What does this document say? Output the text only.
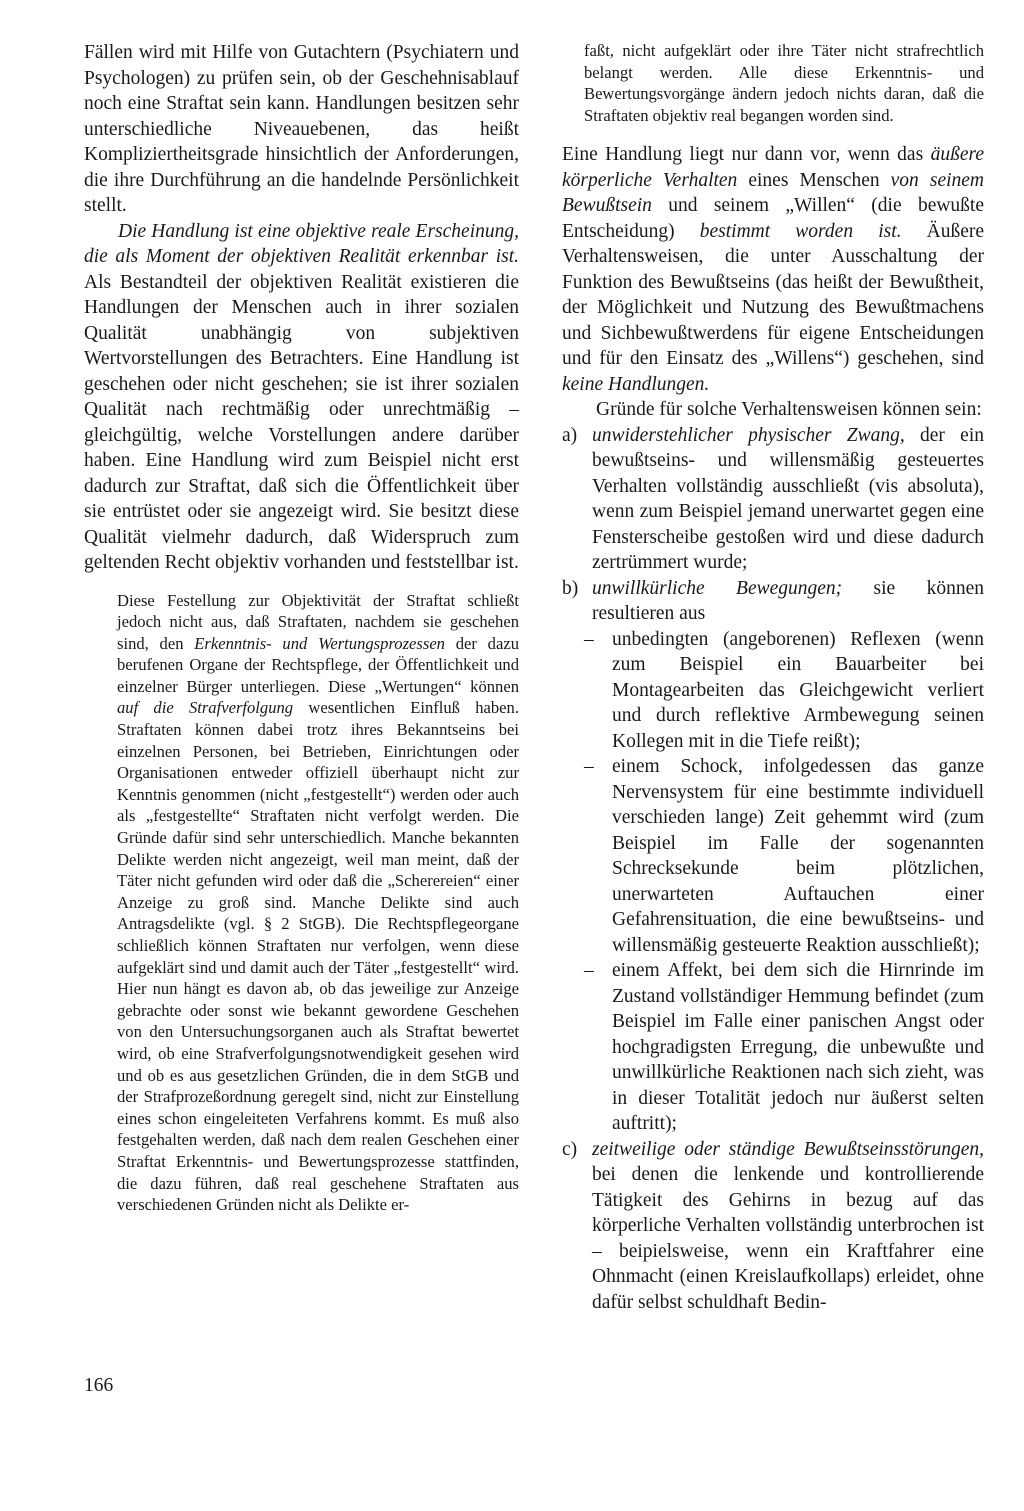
Fällen wird mit Hilfe von Gutachtern (Psychiatern und Psychologen) zu prüfen sein, ob der Geschehnisablauf noch eine Straftat sein kann. Handlungen besitzen sehr unterschiedliche Niveauebenen, das heißt Kompliziertheitsgrade hinsichtlich der Anforderungen, die ihre Durchführung an die handelnde Persönlichkeit stellt.

Die Handlung ist eine objektive reale Erscheinung, die als Moment der objektiven Realität erkennbar ist. Als Bestandteil der objektiven Realität existieren die Handlungen der Menschen auch in ihrer sozialen Qualität unabhängig von subjektiven Wertvorstellungen des Betrachters. Eine Handlung ist geschehen oder nicht geschehen; sie ist ihrer sozialen Qualität nach rechtmäßig oder unrechtmäßig – gleichgültig, welche Vorstellungen andere darüber haben. Eine Handlung wird zum Beispiel nicht erst dadurch zur Straftat, daß sich die Öffentlichkeit über sie entrüstet oder sie angezeigt wird. Sie besitzt diese Qualität vielmehr dadurch, daß Widerspruch zum geltenden Recht objektiv vorhanden und feststellbar ist.

Diese Festellung zur Objektivität der Straftat schließt jedoch nicht aus, daß Straftaten, nachdem sie geschehen sind, den Erkenntnis- und Wertungsprozessen der dazu berufenen Organe der Rechtspflege, der Öffentlichkeit und einzelner Bürger unterliegen. Diese „Wertungen“ können auf die Strafverfolgung wesentlichen Einfluß haben. Straftaten können dabei trotz ihres Bekanntseins bei einzelnen Personen, bei Betrieben, Einrichtungen oder Organisationen entweder offiziell überhaupt nicht zur Kenntnis genommen (nicht „festgestellt“) werden oder auch als „festgestellte“ Straftaten nicht verfolgt werden. Die Gründe dafür sind sehr unterschiedlich. Manche bekannten Delikte werden nicht angezeigt, weil man meint, daß der Täter nicht gefunden wird oder daß die „Scherereien“ einer Anzeige zu groß sind. Manche Delikte sind auch Antragsdelikte (vgl. § 2 StGB). Die Rechtspflegeorgane schließlich können Straftaten nur verfolgen, wenn diese aufgeklärt sind und damit auch der Täter „festgestellt“ wird. Hier nun hängt es davon ab, ob das jeweilige zur Anzeige gebrachte oder sonst wie bekannt gewordene Geschehen von den Untersuchungsorganen auch als Straftat bewertet wird, ob eine Strafverfolgungsnotwendigkeit gesehen wird und ob es aus gesetzlichen Gründen, die in dem StGB und der Strafprozeßordnung geregelt sind, nicht zur Einstellung eines schon eingeleiteten Verfahrens kommt. Es muß also festgehalten werden, daß nach dem realen Geschehen einer Straftat Erkenntnis- und Bewertungsprozesse stattfinden, die dazu führen, daß real geschehene Straftaten aus verschiedenen Gründen nicht als Delikte er-

faßt, nicht aufgeklärt oder ihre Täter nicht strafrechtlich belangt werden. Alle diese Erkenntnis- und Bewertungsvorgänge ändern jedoch nichts daran, daß die Straftaten objektiv real begangen worden sind.

Eine Handlung liegt nur dann vor, wenn das äußere körperliche Verhalten eines Menschen von seinem Bewußtsein und seinem „Willen“ (die bewußte Entscheidung) bestimmt worden ist. Äußere Verhaltensweisen, die unter Ausschaltung der Funktion des Bewußtseins (das heißt der Bewußtheit, der Möglichkeit und Nutzung des Bewußtmachens und Sichbewußtwerdens für eigene Entscheidungen und für den Einsatz des „Willens“) geschehen, sind keine Handlungen.

Gründe für solche Verhaltensweisen können sein:

a) unwiderstehlicher physischer Zwang, der ein bewußtseins- und willensmäßig gesteuertes Verhalten vollständig ausschließt (vis absoluta), wenn zum Beispiel jemand unerwartet gegen eine Fensterscheibe gestoßen wird und diese dadurch zertrümmert wurde;

b) unwillkürliche Bewegungen; sie können resultieren aus

– unbedingten (angeborenen) Reflexen (wenn zum Beispiel ein Bauarbeiter bei Montagearbeiten das Gleichgewicht verliert und durch reflektive Armbewegung seinen Kollegen mit in die Tiefe reißt);

– einem Schock, infolgedessen das ganze Nervensystem für eine bestimmte individuell verschieden lange) Zeit gehemmt wird (zum Beispiel im Falle der sogenannten Schrecksekunde beim plötzlichen, unerwarteten Auftauchen einer Gefahrensituation, die eine bewußtseins- und willensmäßig gesteuerte Reaktion ausschließt);

– einem Affekt, bei dem sich die Hirnrinde im Zustand vollständiger Hemmung befindet (zum Beispiel im Falle einer panischen Angst oder hochgradigsten Erregung, die unbewußte und unwillkürliche Reaktionen nach sich zieht, was in dieser Totalität jedoch nur äußerst selten auftritt);

c) zeitweilige oder ständige Bewußtseinsstörungen, bei denen die lenkende und kontrollierende Tätigkeit des Gehirns in bezug auf das körperliche Verhalten vollständig unterbrochen ist – beipielsweise, wenn ein Kraftfahrer eine Ohnmacht (einen Kreislaufkollaps) erleidet, ohne dafür selbst schuldhaft Bedin-

166
